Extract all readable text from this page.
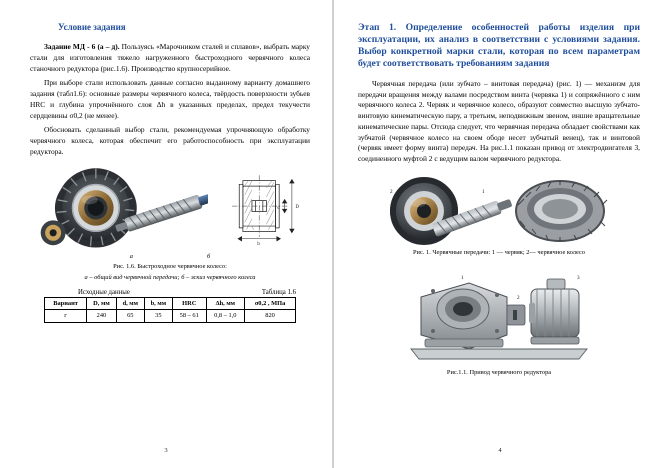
Условие задания

Задание МД - 6 (а – д). Пользуясь «Марочником сталей и сплавов», выбрать марку стали для изготовления тяжело нагруженного быстроходного червячного колеса станочного редуктора (рис.1.6). Производство крупносерийное.

При выборе стали использовать данные согласно выданному варианту домашнего задания (табл1.6): основные размеры червячного колеса, твёрдость поверхности зубьев HRC и глубина упрочнённого слоя Δh в указанных пределах, предел текучести сердцевины σ0,2 (не менее).

Обосновать сделанный выбор стали, рекомендуемая упрочняющую обработку червячного колеса, которая обеспечит его работоспособность при эксплуатации редуктора.

D
d
b
а	б
Рис. 1.6. Быстроходное червячное колесо:
а – общий вид червячной передачи; б – эскиз червячного колеса
Исходные данные	Таблица 1.6
Вариант	D, мм	d, мм	b, мм	HRC	Δh, мм	σ0,2 , МПа
г	240	65	35	58 – 61	0,8 – 1,0	820
3
Этап 1. Определение особенностей работы изделия при эксплуатации, их анализ в соответствии с условиями задания. Выбор конкретной марки стали, которая по всем параметрам будет соответствовать требованиям задания

Червячная передача (или зубчато – винтовая передача) (рис. 1) — механизм для передачи вращения между валами посредством винта (червяка 1) и сопряжённого с ним червячного колеса 2. Червяк и червячное колесо, образуют совместно высшую зубчато-винтовую кинематическую пару, а третьим, неподвижным звеном, иншие вращательные кинематические пары. Отсюда следует, что червячная передача обладает свойствами как зубчатой (червячное колесо на своем ободе несет зубчатый венец), так и винтовой (червяк имеет форму винта) передач. На рис.1.1 показан привод от электродвигателя 3, соединенного муфтой 2 с ведущим валом червячного редуктора.

2	1
Рис. 1. Червячные передачи: 1 — червяк; 2— червячное колесо
1
2
3
Рис.1.1. Привод червячного редуктора
4
